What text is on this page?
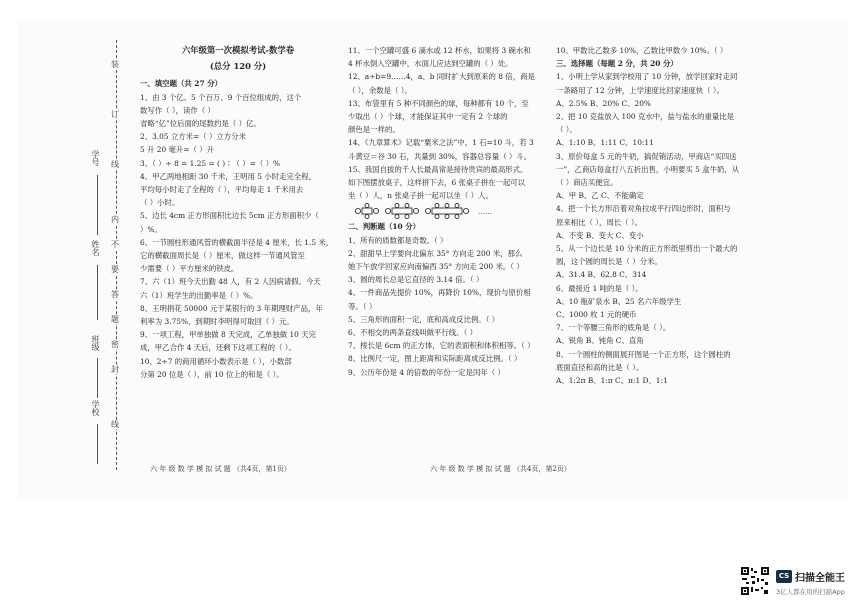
装
订
线
内
不
要
答
题
密
封
线
学号
姓名
班级
学校

六年级第一次模拟考试-数学卷

(总分 120 分)

一、填空题（共 27 分）

1、由 3 个亿、5 个百万、9 个百位组成的，这个

数写作（ ），读作（ ）

省略“亿”位后面的尾数约是（ ）亿。

2、3.05 立方米=（ ）立方分米

5 升 20 毫升=（ ）升

3、（ ）÷ 8 = 1.25 = ( )∶（ ）=（ ）%

4、甲乙两地相距 30 千米，王明用 5 小时走完全程，

平均每小时走了全程的（ ），平均每走 1 千米用去

（ ）小时。

5、边长 4cm 正方形面积比边长 5cm 正方形面积少（

）%。

6、一节圆柱形通风管的横截面半径是 4 厘米，长 1.5 米，

它的横截面周长是（ ）厘米，做这样一节通风管至

少需要（ ）平方厘米的铁皮。

7、六（1）班今天出勤 48 人，有 2 人因病请假。今天

六（1）班学生的出勤率是（ ）%。

8、王明捐花 50000 元于某银行的 3 年期理财产品，年

利率为 3.75%，到期时李明得可取回（ ）元。

9、一项工程，甲单独做 8 天完成，乙单独做 10 天完

成，甲乙合作 4 天后，还剩下这项工程的（ ）。

10、2÷7 的商用循环小数表示是（ ），小数部

分第 20 位是（ ），前 10 位上的和是（ ）。

六 年 级 数 学 模 拟 试 题 （共4页，第1页）

11、一个空罐可盛 6 滴水或 12 杯水，如果将 3 碗水和

4 杯水倒入空罐中，水面儿应达到空罐的（ ）处。

12、a÷b=9……4，a、b 同时扩大到原来的 8 倍，商是

（ ），余数是（ ）。

13、布袋里有 5 种不同颜色的球，每种都有 10 个，至

少取出（ ）个球，才能保证其中一定有 2 个球的

颜色是一样的。

14、《九章算术》记载“粟米之法”中，1 石=10 斗，若 3

斗黄豆＝谷 30 石，共量到 30%，容器总容量（ ）斗。

15、我国自拔的千人长最高常是接待贵宾的最高形式。

如下图摆放桌子，这样拼下去，6 张桌子拼在一起可以

坐（ ）人，n 张桌子拼一起可以坐（ ）人。

……

二、判断题（10 分）

1、所有的质数都是奇数。（ ）

2、甜甜早上学要向北偏东 35° 方向走 200 米，那么

她下午放学回家应向南偏西 35° 方向走 200 米。（ ）

3、圆的周长总是它直径的 3.14 倍。（ ）

4、一件商品先提价 10%，再降价 10%，现价与原价相

等。（ ）

5、三角形的面积一定，底和高成反比例。（ ）

6、不相交的两条直线叫做平行线。（ ）

7、棱长是 6cm 的正方体，它的表面积和体积相等。（ ）

8、比例尺一定，图上距离和实际距离成反比例。（ ）

9、公历年份是 4 的倍数的年份一定是闰年（ ）

六 年 级 数 学 模 拟 试 题 （共4页，第2页）

10、甲数比乙数多 10%，乙数比甲数少 10%。（ ）

三、选择题（每题 2 分，共 20 分）

1、小明上学从家到学校用了 10 分钟，放学回家时走同

一条路用了 12 分钟，上学速度比回家速度快（ ）。

A、2.5% B、20% C、20%

2、把 10 克盐放入 100 克水中，盐与盐水的重量比是

（ ）。

A、1:10 B、1:11 C、10:11

3、原价每盒 5 元的牛奶，搞促销活动，甲商店“买四送

一”，乙商店每盒打八五折出售，小明要买 5 盒牛奶，从

（ ）商店买便宜。

A、甲 B、乙 C、不能确定

4、把一个长方形沿着对角拉成平行四边形时，面积与

原来相比（ ），周长（ ）。

A、不变 B、变大 C、变小

5、从一个边长是 10 分米的正方形纸里剪出一个最大的

圆，这个圆的周长是（ ）分米。

A、31.4 B、62.8 C、314

6、最接近 1 吨的是（ ）。

A、10 瓶矿泉水 B、25 名六年级学生

C、1000 枚 1 元的硬币

7、一个等腰三角形的底角是（ ）。

A、锐角 B、钝角 C、直角

8、一个圆柱的侧面展开图是一个正方形，这个圆柱的

底面直径和高的比是（ ）。

A、1:2π B、1:π C、π:1 D、1:1

CS 扫描全能王
3亿人都在用的扫描App
